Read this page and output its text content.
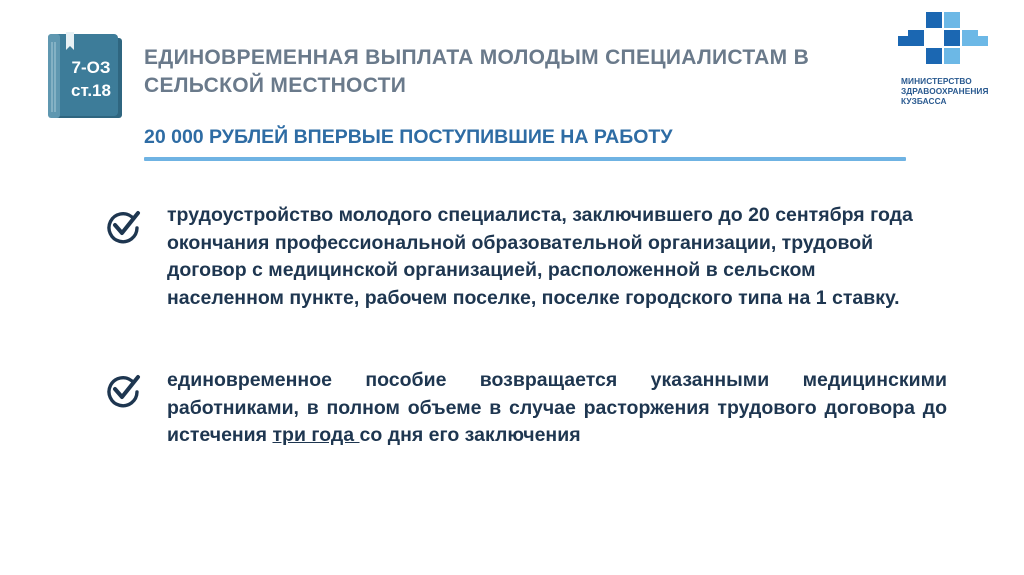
7-ОЗ
ст.18
ЕДИНОВРЕМЕННАЯ ВЫПЛАТА МОЛОДЫМ СПЕЦИАЛИСТАМ В СЕЛЬСКОЙ МЕСТНОСТИ
20 000 РУБЛЕЙ ВПЕРВЫЕ ПОСТУПИВШИЕ НА РАБОТУ
МИНИСТЕРСТВО
ЗДРАВООХРАНЕНИЯ
КУЗБАССА
трудоустройство молодого специалиста, заключившего до 20 сентября года окончания профессиональной образовательной организации, трудовой договор с медицинской организацией, расположенной в сельском населенном пункте, рабочем поселке, поселке городского типа на 1 ставку.
единовременное пособие возвращается указанными медицинскими работниками, в полном объеме в случае расторжения трудового договора до истечения три года со дня его заключения
